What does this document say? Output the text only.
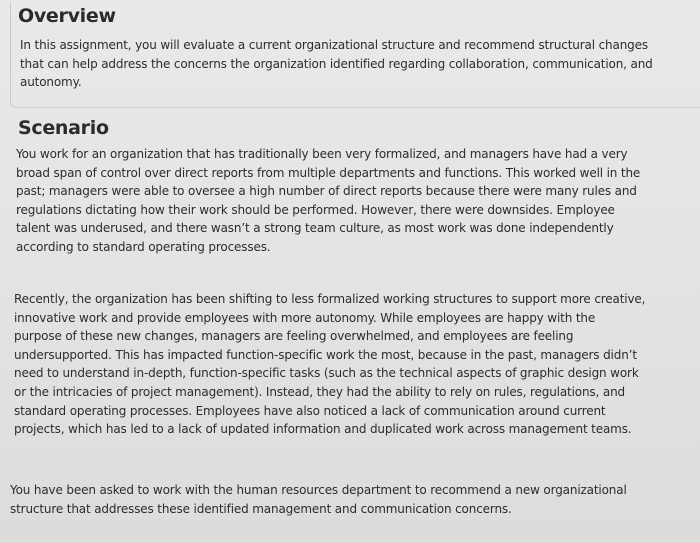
Overview
In this assignment, you will evaluate a current organizational structure and recommend structural changes
that can help address the concerns the organization identified regarding collaboration, communication, and
autonomy.
Scenario
You work for an organization that has traditionally been very formalized, and managers have had a very
broad span of control over direct reports from multiple departments and functions. This worked well in the
past; managers were able to oversee a high number of direct reports because there were many rules and
regulations dictating how their work should be performed. However, there were downsides. Employee
talent was underused, and there wasn’t a strong team culture, as most work was done independently
according to standard operating processes.
Recently, the organization has been shifting to less formalized working structures to support more creative,
innovative work and provide employees with more autonomy. While employees are happy with the
purpose of these new changes, managers are feeling overwhelmed, and employees are feeling
undersupported. This has impacted function-specific work the most, because in the past, managers didn’t
need to understand in-depth, function-specific tasks (such as the technical aspects of graphic design work
or the intricacies of project management). Instead, they had the ability to rely on rules, regulations, and
standard operating processes. Employees have also noticed a lack of communication around current
projects, which has led to a lack of updated information and duplicated work across management teams.
You have been asked to work with the human resources department to recommend a new organizational
structure that addresses these identified management and communication concerns.
